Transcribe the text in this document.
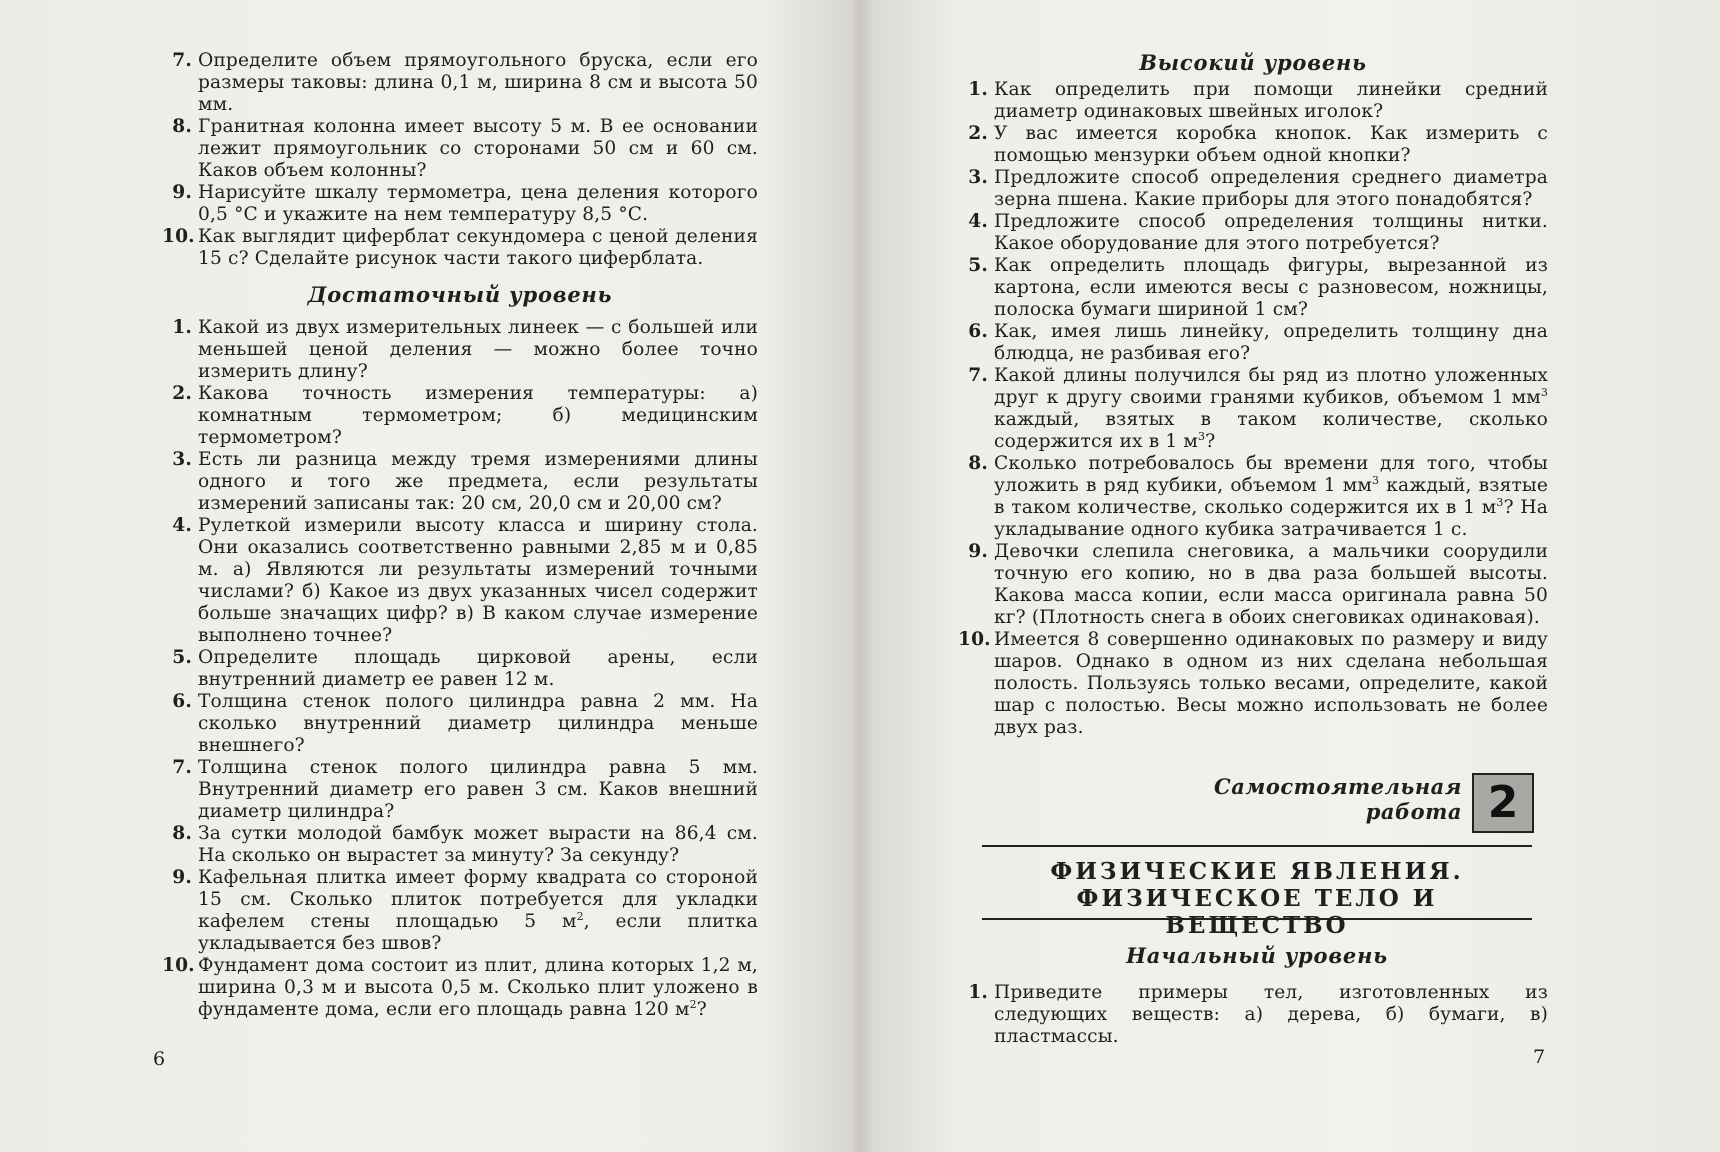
7. Определите объем прямоугольного бруска, если его размеры таковы: длина 0,1 м, ширина 8 см и высота 50 мм.
8. Гранитная колонна имеет высоту 5 м. В ее основании лежит прямоугольник со сторонами 50 см и 60 см. Каков объем колонны?
9. Нарисуйте шкалу термометра, цена деления которого 0,5 °С и укажите на нем температуру 8,5 °С.
10. Как выглядит циферблат секундомера с ценой деления 15 с? Сделайте рисунок части такого циферблата.
Достаточный уровень
1. Какой из двух измерительных линеек — с большей или меньшей ценой деления — можно более точно измерить длину?
2. Какова точность измерения температуры: а) комнатным термометром; б) медицинским термометром?
3. Есть ли разница между тремя измерениями длины одного и того же предмета, если результаты измерений записаны так: 20 см, 20,0 см и 20,00 см?
4. Рулеткой измерили высоту класса и ширину стола. Они оказались соответственно равными 2,85 м и 0,85 м. а) Являются ли результаты измерений точными числами? б) Какое из двух указанных чисел содержит больше значащих цифр? в) В каком случае измерение выполнено точнее?
5. Определите площадь цирковой арены, если внутренний диаметр ее равен 12 м.
6. Толщина стенок полого цилиндра равна 2 мм. На сколько внутренний диаметр цилиндра меньше внешнего?
7. Толщина стенок полого цилиндра равна 5 мм. Внутренний диаметр его равен 3 см. Каков внешний диаметр цилиндра?
8. За сутки молодой бамбук может вырасти на 86,4 см. На сколько он вырастет за минуту? За секунду?
9. Кафельная плитка имеет форму квадрата со стороной 15 см. Сколько плиток потребуется для укладки кафелем стены площадью 5 $м^2$, если плитка укладывается без швов?
10. Фундамент дома состоит из плит, длина которых 1,2 м, ширина 0,3 м и высота 0,5 м. Сколько плит уложено в фундаменте дома, если его площадь равна 120 $м^2$?
6
Высокий уровень
1. Как определить при помощи линейки средний диаметр одинаковых швейных иголок?
2. У вас имеется коробка кнопок. Как измерить с помощью мензурки объем одной кнопки?
3. Предложите способ определения среднего диаметра зерна пшена. Какие приборы для этого понадобятся?
4. Предложите способ определения толщины нитки. Какое оборудование для этого потребуется?
5. Как определить площадь фигуры, вырезанной из картона, если имеются весы с разновесом, ножницы, полоска бумаги шириной 1 см?
6. Как, имея лишь линейку, определить толщину дна блюдца, не разбивая его?
7. Какой длины получился бы ряд из плотно уложенных друг к другу своими гранями кубиков, объемом 1 $мм^3$ каждый, взятых в таком количестве, сколько содержится их в 1 $м^3$?
8. Сколько потребовалось бы времени для того, чтобы уложить в ряд кубики, объемом 1 $мм^3$ каждый, взятые в таком количестве, сколько содержится их в 1 $м^3$? На укладывание одного кубика затрачивается 1 с.
9. Девочки слепила снеговика, а мальчики соорудили точную его копию, но в два раза большей высоты. Какова масса копии, если масса оригинала равна 50 кг? (Плотность снега в обоих снеговиках одинаковая).
10. Имеется 8 совершенно одинаковых по размеру и виду шаров. Однако в одном из них сделана небольшая полость. Пользуясь только весами, определите, какой шар с полостью. Весы можно использовать не более двух раз.
Самостоятельная
работа 2
ФИЗИЧЕСКИЕ ЯВЛЕНИЯ.
ФИЗИЧЕСКОЕ ТЕЛО И ВЕЩЕСТВО
Начальный уровень
1. Приведите примеры тел, изготовленных из следующих веществ: а) дерева, б) бумаги, в) пластмассы.
7
